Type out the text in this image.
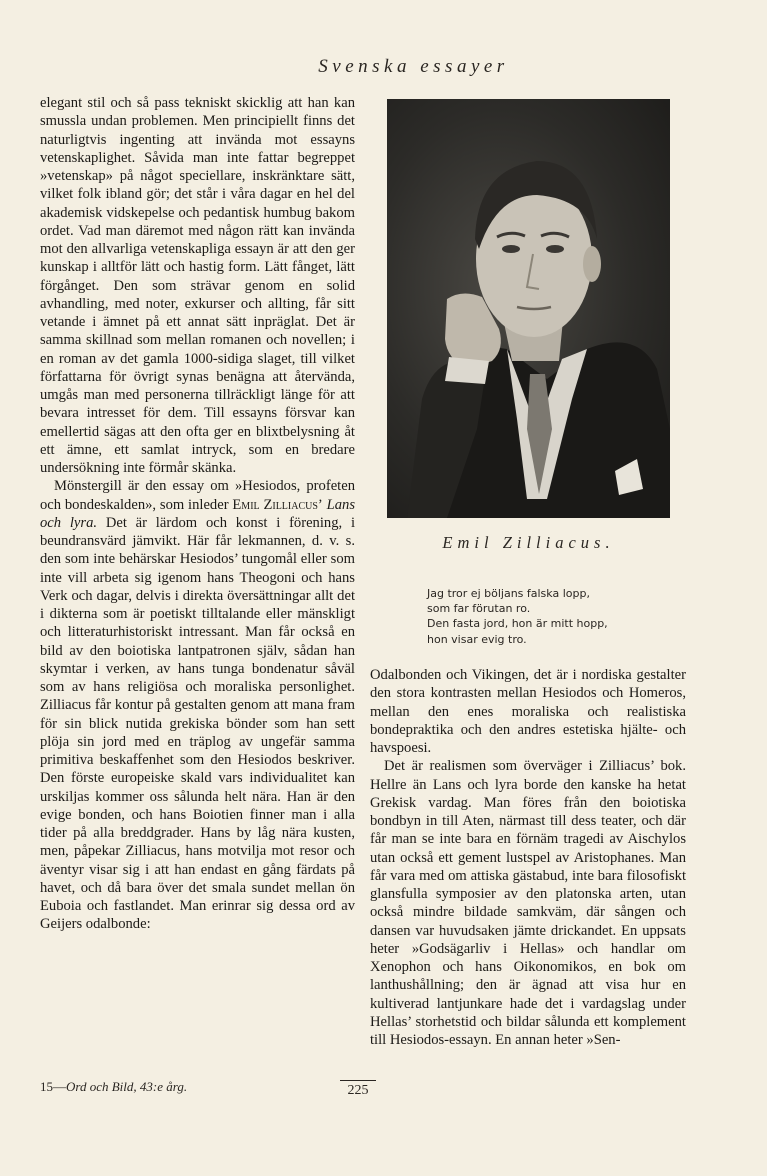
Svenska essayer

elegant stil och så pass tekniskt skicklig att han kan smussla undan problemen. Men principiellt finns det naturligtvis ingenting att invända mot essayns vetenskaplighet. Såvida man inte fattar begreppet »vetenskap» på något speciellare, inskränktare sätt, vilket folk ibland gör; det står i våra dagar en hel del akademisk vidskepelse och pedantisk humbug bakom ordet. Vad man däremot med någon rätt kan invända mot den allvarliga vetenskapliga essayn är att den ger kunskap i alltför lätt och hastig form. Lätt fånget, lätt förgånget. Den som strävar genom en solid avhandling, med noter, exkurser och allting, får sitt vetande i ämnet på ett annat sätt inpräglat. Det är samma skillnad som mellan romanen och novellen; i en roman av det gamla 1000-sidiga slaget, till vilket författarna för övrigt synas benägna att återvända, umgås man med personerna tillräckligt länge för att bevara intresset för dem. Till essayns försvar kan emellertid sägas att den ofta ger en blixtbelysning åt ett ämne, ett samlat intryck, som en bredare undersökning inte förmår skänka.

Mönstergill är den essay om »Hesiodos, profeten och bondeskalden», som inleder Emil Zilliacus’ Lans och lyra. Det är lärdom och konst i förening, i beundransvärd jämvikt. Här får lekmannen, d. v. s. den som inte behärskar Hesiodos’ tungomål eller som inte vill arbeta sig igenom hans Theogoni och hans Verk och dagar, delvis i direkta översättningar allt det i dikterna som är poetiskt tilltalande eller mänskligt och litteraturhistoriskt intressant. Man får också en bild av den boiotiska lantpatronen själv, sådan han skymtar i verken, av hans tunga bondenatur såväl som av hans religiösa och moraliska personlighet. Zilliacus får kontur på gestalten genom att mana fram för sin blick nutida grekiska bönder som han sett plöja sin jord med en träplog av ungefär samma primitiva beskaffenhet som den Hesiodos beskriver. Den förste europeiske skald vars individualitet kan urskiljas kommer oss sålunda helt nära. Han är den evige bonden, och hans Boiotien finner man i alla tider på alla breddgrader. Hans by låg nära kusten, men, påpekar Zilliacus, hans motvilja mot resor och äventyr visar sig i att han endast en gång färdats på havet, och då bara över det smala sundet mellan ön Euboia och fastlandet. Man erinrar sig dessa ord av Geijers odalbonde:

Emil Zilliacus.
Jag tror ej böljans falska lopp,
som far förutan ro.
Den fasta jord, hon är mitt hopp,
hon visar evig tro.

Odalbonden och Vikingen, det är i nordiska gestalter den stora kontrasten mellan Hesiodos och Homeros, mellan den enes moraliska och realistiska bondepraktika och den andres estetiska hjälte- och havspoesi.

Det är realismen som överväger i Zilliacus’ bok. Hellre än Lans och lyra borde den kanske ha hetat Grekisk vardag. Man föres från den boiotiska bondbyn in till Aten, närmast till dess teater, och där får man se inte bara en förnäm tragedi av Aischylos utan också ett gement lustspel av Aristophanes. Man får vara med om attiska gästabud, inte bara filosofiskt glansfulla symposier av den platonska arten, utan också mindre bildade samkväm, där sången och dansen var huvudsaken jämte drickandet. En uppsats heter »Godsägarliv i Hellas» och handlar om Xenophon och hans Oikonomikos, en bok om lanthushållning; den är ägnad att visa hur en kultiverad lantjunkare hade det i vardagslag under Hellas’ storhetstid och bildar sålunda ett komplement till Hesiodos-essayn. En annan heter »Sen-

15—Ord och Bild, 43:e årg.	225
